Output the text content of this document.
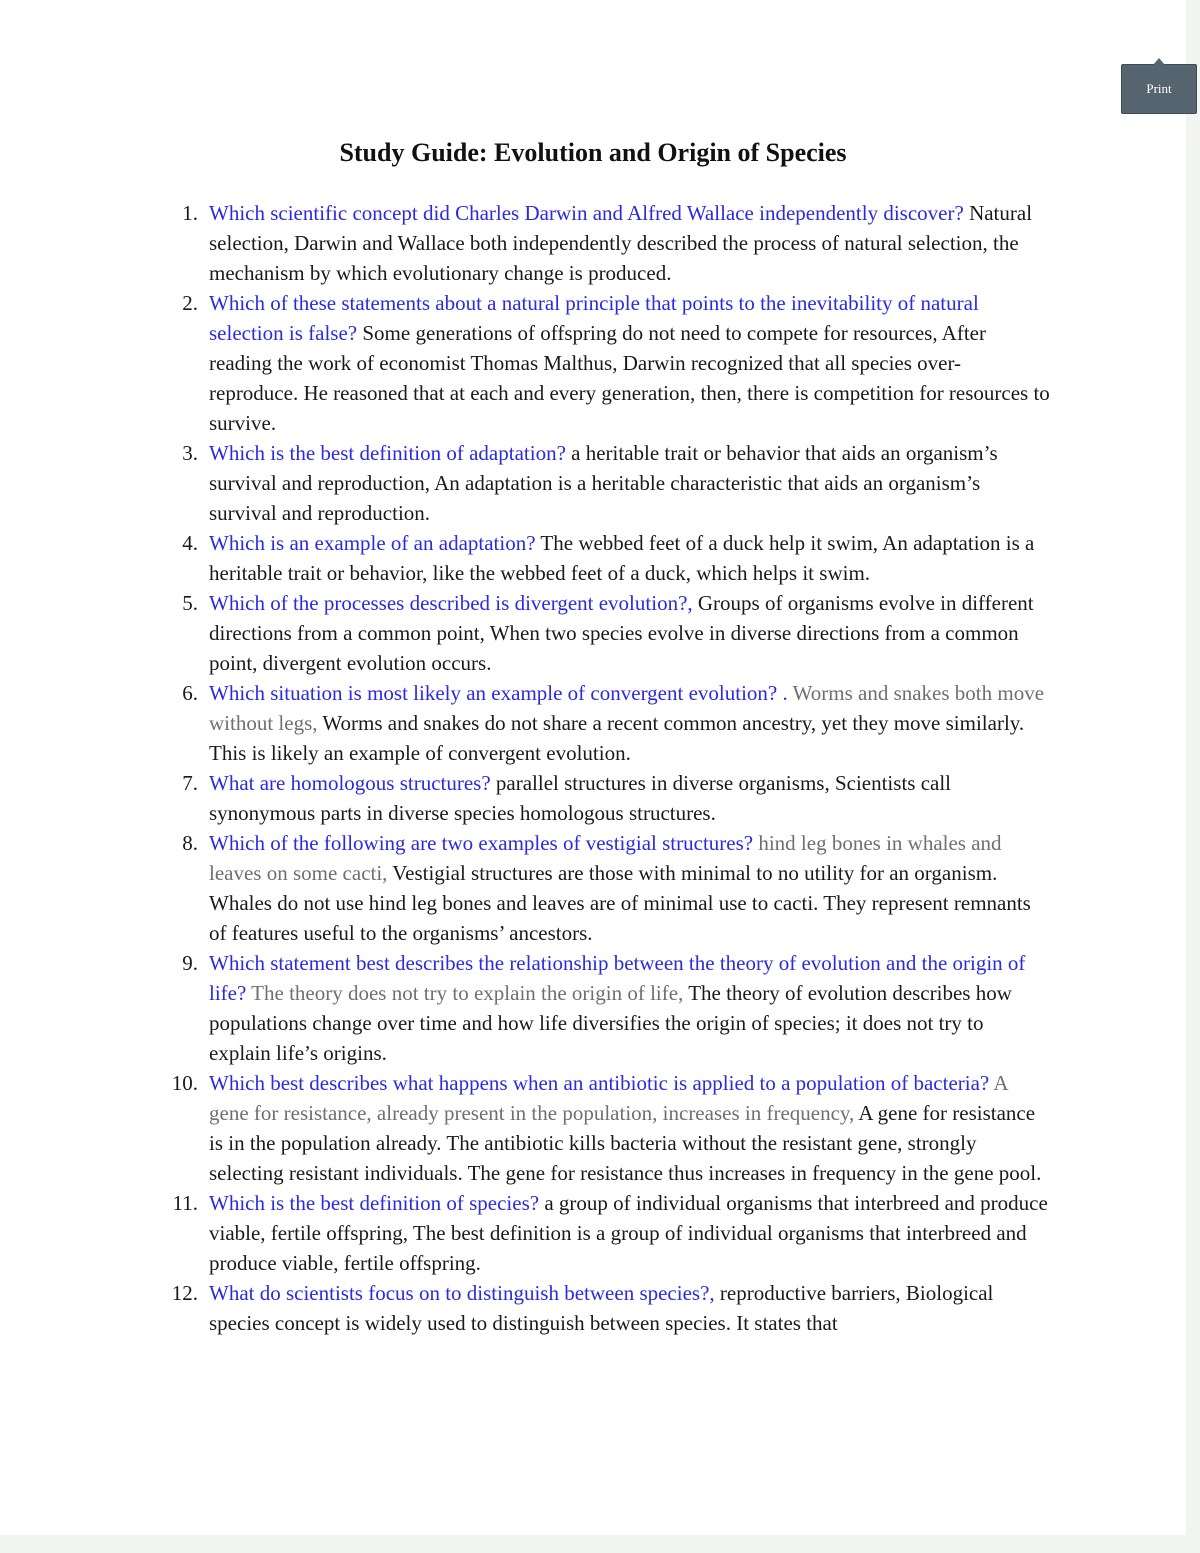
Print
Study Guide: Evolution and Origin of Species
1. Which scientific concept did Charles Darwin and Alfred Wallace independently discover? Natural selection, Darwin and Wallace both independently described the process of natural selection, the mechanism by which evolutionary change is produced.
2. Which of these statements about a natural principle that points to the inevitability of natural selection is false? Some generations of offspring do not need to compete for resources, After reading the work of economist Thomas Malthus, Darwin recognized that all species over-reproduce. He reasoned that at each and every generation, then, there is competition for resources to survive.
3. Which is the best definition of adaptation? a heritable trait or behavior that aids an organism’s survival and reproduction, An adaptation is a heritable characteristic that aids an organism’s survival and reproduction.
4. Which is an example of an adaptation? The webbed feet of a duck help it swim, An adaptation is a heritable trait or behavior, like the webbed feet of a duck, which helps it swim.
5. Which of the processes described is divergent evolution?, Groups of organisms evolve in different directions from a common point, When two species evolve in diverse directions from a common point, divergent evolution occurs.
6. Which situation is most likely an example of convergent evolution? . Worms and snakes both move without legs, Worms and snakes do not share a recent common ancestry, yet they move similarly. This is likely an example of convergent evolution.
7. What are homologous structures? parallel structures in diverse organisms, Scientists call synonymous parts in diverse species homologous structures.
8. Which of the following are two examples of vestigial structures? hind leg bones in whales and leaves on some cacti, Vestigial structures are those with minimal to no utility for an organism. Whales do not use hind leg bones and leaves are of minimal use to cacti. They represent remnants of features useful to the organisms’ ancestors.
9. Which statement best describes the relationship between the theory of evolution and the origin of life? The theory does not try to explain the origin of life, The theory of evolution describes how populations change over time and how life diversifies the origin of species; it does not try to explain life’s origins.
10. Which best describes what happens when an antibiotic is applied to a population of bacteria? A gene for resistance, already present in the population, increases in frequency, A gene for resistance is in the population already. The antibiotic kills bacteria without the resistant gene, strongly selecting resistant individuals. The gene for resistance thus increases in frequency in the gene pool.
11. Which is the best definition of species? a group of individual organisms that interbreed and produce viable, fertile offspring, The best definition is a group of individual organisms that interbreed and produce viable, fertile offspring.
12. What do scientists focus on to distinguish between species?, reproductive barriers, Biological species concept is widely used to distinguish between species. It states that
